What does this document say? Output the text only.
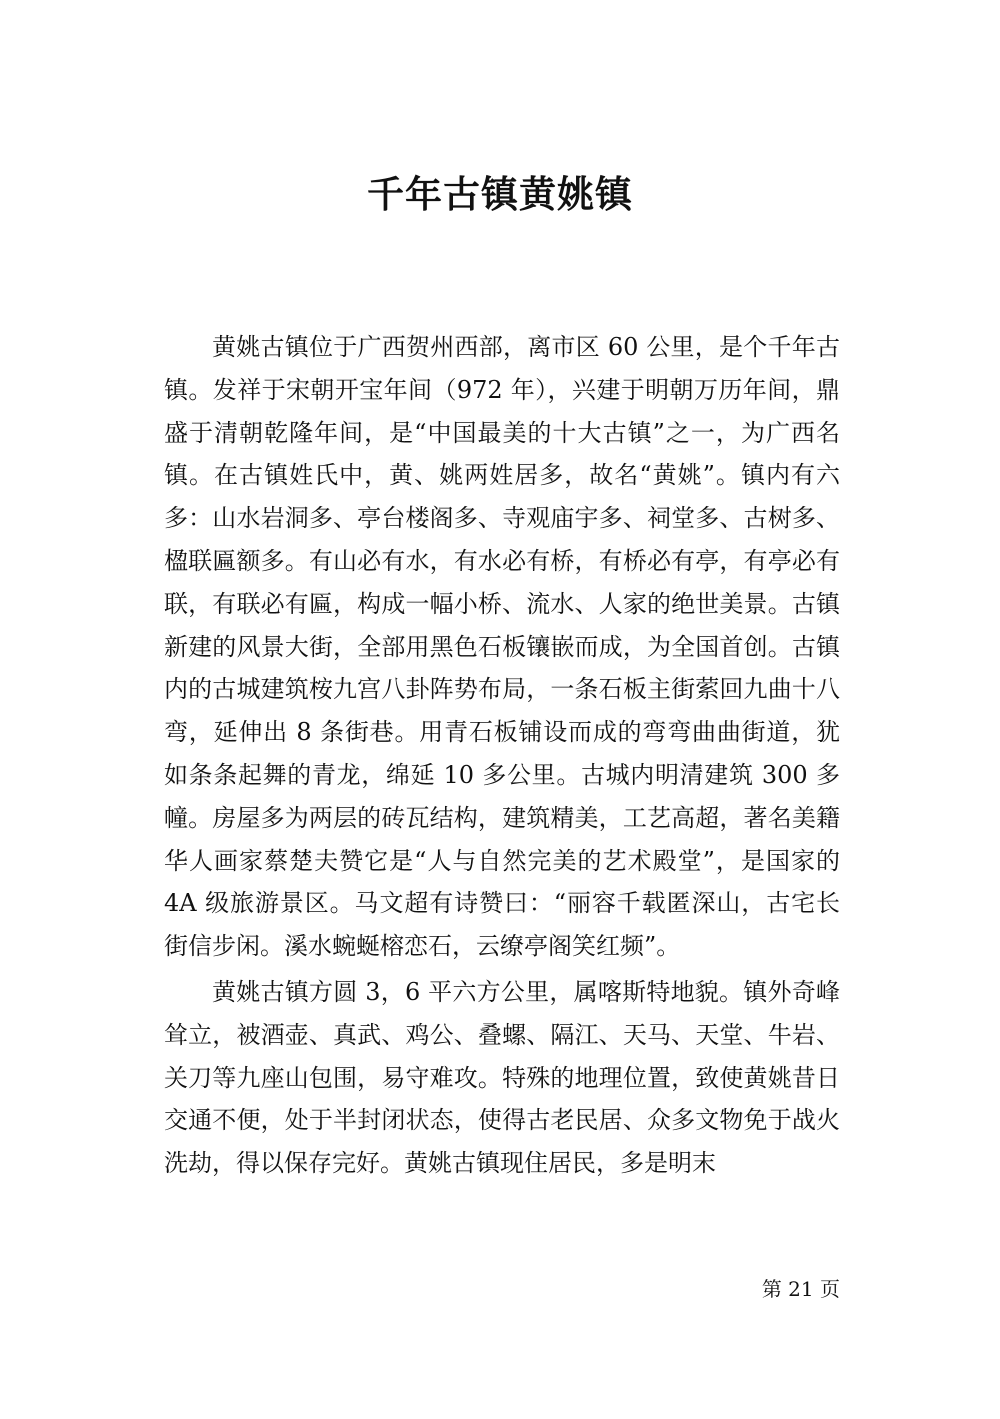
千年古镇黄姚镇

黄姚古镇位于广西贺州西部，离市区 60 公里，是个千年古镇。发祥于宋朝开宝年间（972 年），兴建于明朝万历年间，鼎盛于清朝乾隆年间，是“中国最美的十大古镇”之一，为广西名镇。在古镇姓氏中，黄、姚两姓居多，故名“黄姚”。镇内有六多：山水岩洞多、亭台楼阁多、寺观庙宇多、祠堂多、古树多、楹联匾额多。有山必有水，有水必有桥，有桥必有亭，有亭必有联，有联必有匾，构成一幅小桥、流水、人家的绝世美景。古镇新建的风景大街，全部用黑色石板镶嵌而成，为全国首创。古镇内的古城建筑桉九宫八卦阵势布局，一条石板主街萦回九曲十八弯，延伸出 8 条街巷。用青石板铺设而成的弯弯曲曲街道，犹如条条起舞的青龙，绵延 10 多公里。古城内明清建筑 300 多幢。房屋多为两层的砖瓦结构，建筑精美，工艺高超，著名美籍华人画家蔡楚夫赞它是“人与自然完美的艺术殿堂”，是国家的 4A 级旅游景区。马文超有诗赞曰：“丽容千载匿深山，古宅长街信步闲。溪水蜿蜒榕恋石，云缭亭阁笑红频”。

黄姚古镇方圆 3，6 平六方公里，属喀斯特地貌。镇外奇峰耸立，被酒壶、真武、鸡公、叠螺、隔江、天马、天堂、牛岩、关刀等九座山包围，易守难攻。特殊的地理位置，致使黄姚昔日交通不便，处于半封闭状态，使得古老民居、众多文物免于战火洗劫，得以保存完好。黄姚古镇现住居民，多是明末

第 21 页
